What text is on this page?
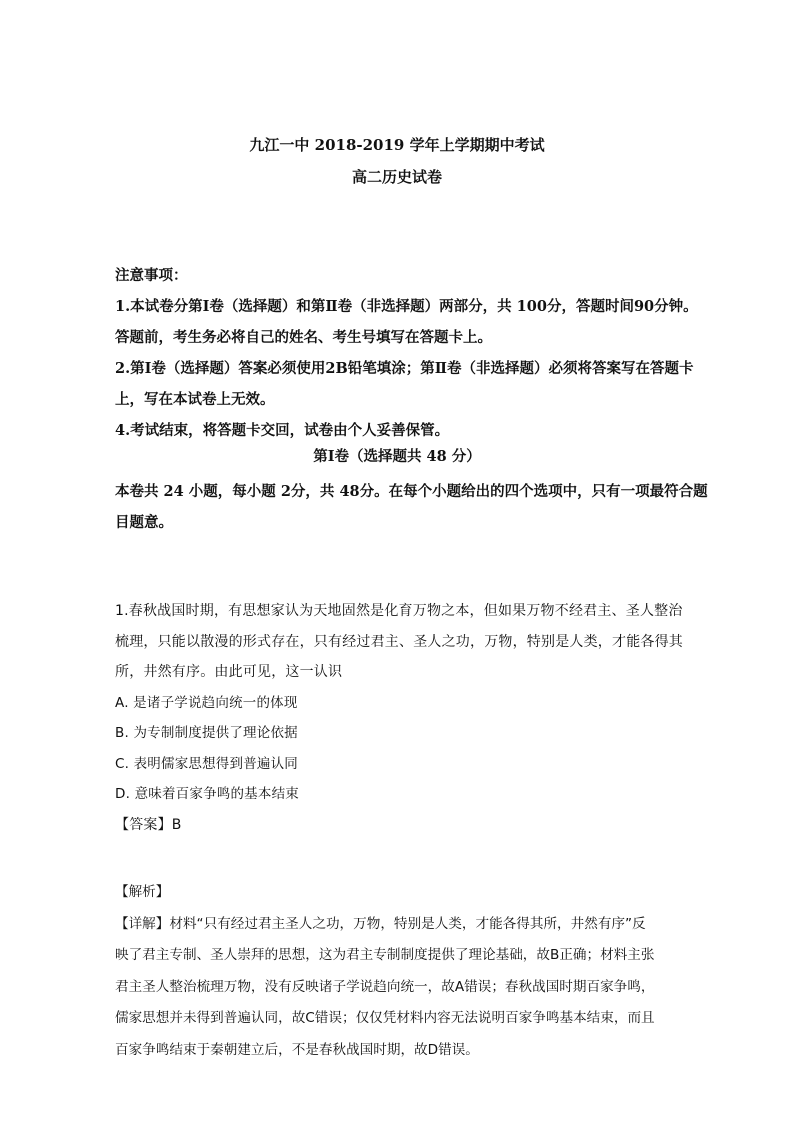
九江一中 2018-2019 学年上学期期中考试
高二历史试卷
注意事项：
1.本试卷分第Ⅰ卷（选择题）和第Ⅱ卷（非选择题）两部分，共 100分，答题时间90分钟。
答题前，考生务必将自己的姓名、考生号填写在答题卡上。
2.第Ⅰ卷（选择题）答案必须使用2B铅笔填涂；第Ⅱ卷（非选择题）必须将答案写在答题卡
上，写在本试卷上无效。
4.考试结束，将答题卡交回，试卷由个人妥善保管。
第Ⅰ卷（选择题共 48 分）
本卷共 24 小题，每小题 2分，共 48分。在每个小题给出的四个选项中，只有一项最符合题
目题意。
1.春秋战国时期，有思想家认为天地固然是化育万物之本，但如果万物不经君主、圣人整治
梳理，只能以散漫的形式存在，只有经过君主、圣人之功，万物，特别是人类，才能各得其
所，井然有序。由此可见，这一认识
A. 是诸子学说趋向统一的体现
B. 为专制制度提供了理论依据
C. 表明儒家思想得到普遍认同
D. 意味着百家争鸣的基本结束
【答案】B
【解析】
【详解】材料“只有经过君主圣人之功，万物，特别是人类，才能各得其所，井然有序”反
映了君主专制、圣人崇拜的思想，这为君主专制制度提供了理论基础，故B正确；材料主张
君主圣人整治梳理万物，没有反映诸子学说趋向统一，故A错误；春秋战国时期百家争鸣，
儒家思想并未得到普遍认同，故C错误；仅仅凭材料内容无法说明百家争鸣基本结束，而且
百家争鸣结束于秦朝建立后，不是春秋战国时期，故D错误。
